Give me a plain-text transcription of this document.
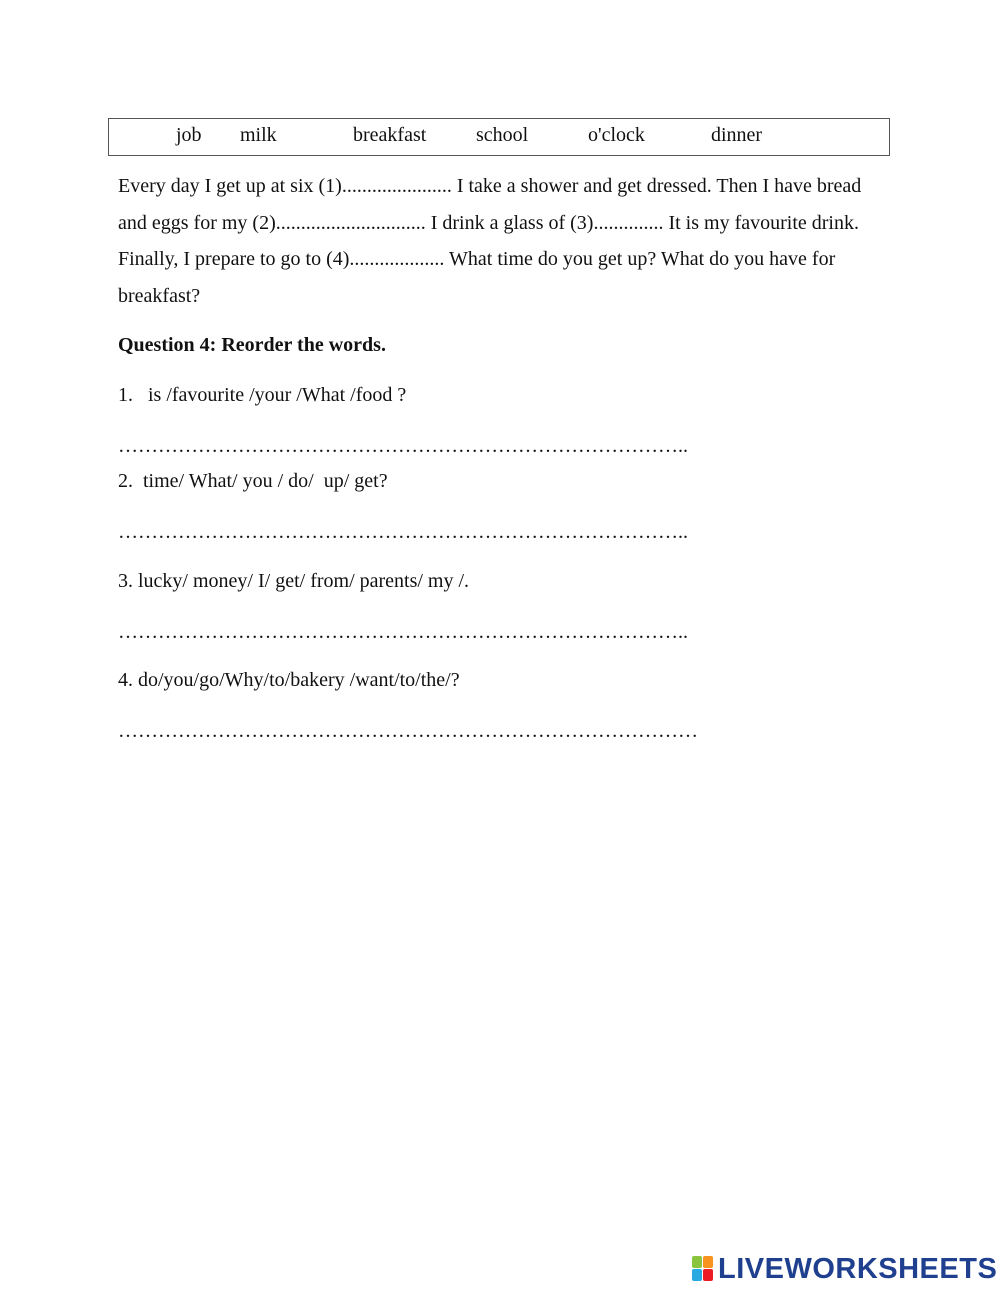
job milk	breakfast school	o'clock	dinner

Every day I get up at six (1)...................... I take a shower and get dressed. Then I have bread and eggs for my (2).............................. I drink a glass of (3).............. It is my favourite drink. Finally, I prepare to go to (4)................... What time do you get up? What do you have for breakfast?

Question 4: Reorder the words.

1.   is /favourite /your /What /food ?
…………………………………………………………………………..
2.  time/ What/ you / do/  up/ get?
…………………………………………………………………………..
3. lucky/ money/ I/ get/ from/ parents/ my /.
…………………………………………………………………………..
4. do/you/go/Why/to/bakery /want/to/the/?
……………………………………………………………………………
LIVEWORKSHEETS
